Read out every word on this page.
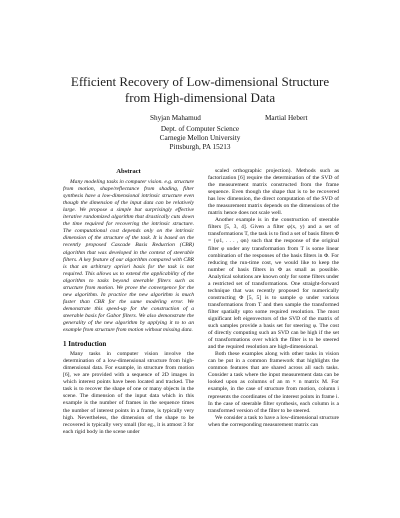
Efficient Recovery of Low-dimensional Structure
from High-dimensional Data
Shyjan Mahamud	Martial Hebert
Dept. of Computer Science
Carnegie Mellon University
Pittsburgh, PA 15213
Abstract

Many modeling tasks in computer vision. e.g. structure from motion, shape/reflectance from shading, filter synthesis have a low-dimensional intrinsic structure even though the dimension of the input data can be relatively large. We propose a simple but surprisingly effective iterative randomized algorithm that drastically cuts down the time required for recovering the intrinsic structure. The computational cost depends only on the intrinsic dimension of the structure of the task. It is based on the recently proposed Cascade Basis Reduction (CBR) algorithm that was developed in the context of steerable filters. A key feature of our algorithm compared with CBR is that an arbitrary apriori basis for the task is not required. This allows us to extend the applicability of the algorithm to tasks beyond steerable filters such as structure from motion. We prove the convergence for the new algorithm. In practice the new algorithm is much faster than CBR for the same modeling error. We demonstrate this speed-up for the construction of a steerable basis for Gabor filters. We also demonstrate the generality of the new algorithm by applying it to to an example from structure from motion without missing data.

1 Introduction

Many tasks in computer vision involve the determination of a low-dimensional structure from high-dimensional data. For example, in structure from motion [6], we are provided with a sequence of 2D images in which interest points have been located and tracked. The task is to recover the shape of one or many objects in the scene. The dimension of the input data which in this example is the number of frames in the sequence times the number of interest points in a frame, is typically very high. Nevertheless, the dimension of the shape to be recovered is typically very small (for eg., it is atmost 3 for each rigid body in the scene under

scaled orthographic projection). Methods such as factorization [6] require the determination of the SVD of the measurement matrix constructed from the frame sequence. Even though the shape that is to be recovered has low dimension, the direct computation of the SVD of the measurement matrix depends on the dimensions of the matrix hence does not scale well.

Another example is in the construction of steerable filters [5, 3, 4]. Given a filter φ(x, y) and a set of transformations T, the task is to find a set of basis filters Φ = {φ1, . . . , φn} such that the response of the original filter φ under any transformation from T is some linear combination of the responses of the basis filters in Φ. For reducing the run-time cost, we would like to keep the number of basis filters in Φ as small as possible. Analytical solutions are known only for some filters under a restricted set of transformations. One straight-forward technique that was recently proposed for numerically constructing Φ [5, 5] is to sample φ under various transformations from T and then sample the transformed filter spatially upto some required resolution. The most significant left eigenvectors of the SVD of the matrix of such samples provide a basis set for steering φ. The cost of directly computing such an SVD can be high if the set of transformations over which the filter is to be steered and the required resolution are high-dimensional.

Both these examples along with other tasks in vision can be put in a common framework that highlights the common features that are shared across all such tasks. Consider a task where the input measurement data can be looked upon as columns of an m × n matrix M. For example, in the case of structure from motion, column i represents the coordinates of the interest points in frame i. In the case of steerable filter synthesis, each column is a transformed version of the filter to be steered.

We consider a task to have a low-dimensional structure when the corresponding measurement matrix can
